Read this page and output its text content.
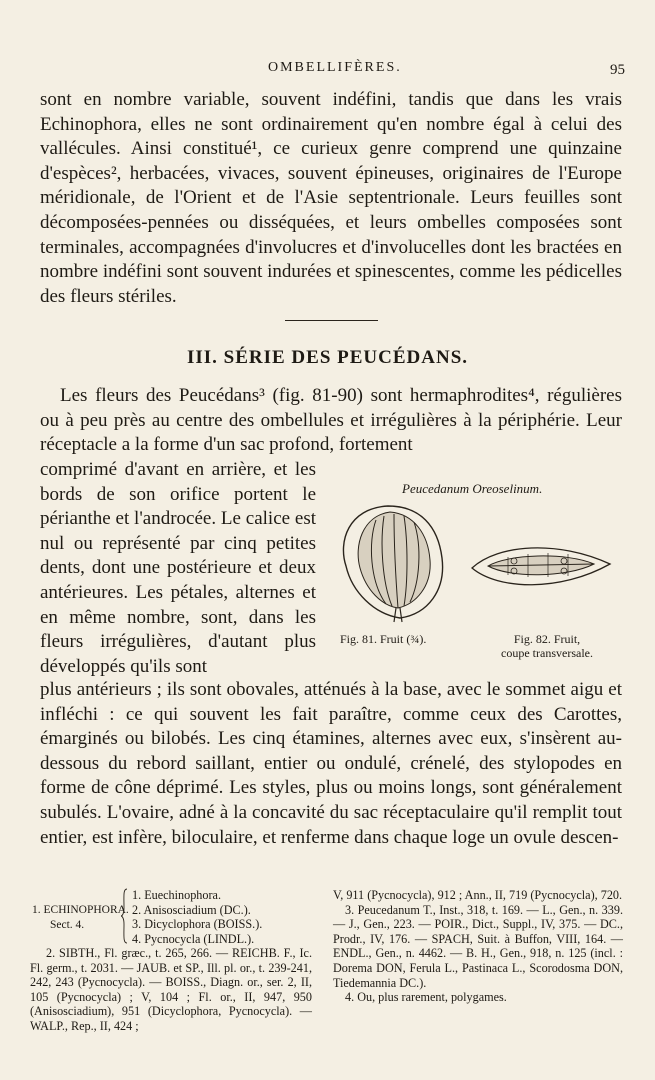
OMBELLIFÈRES.	95

sont en nombre variable, souvent indéfini, tandis que dans les vrais Echinophora, elles ne sont ordinairement qu'en nombre égal à celui des vallécules. Ainsi constitué¹, ce curieux genre comprend une quinzaine d'espèces², herbacées, vivaces, souvent épineuses, originaires de l'Europe méridionale, de l'Orient et de l'Asie septentrionale. Leurs feuilles sont décomposées-pennées ou disséquées, et leurs ombelles composées sont terminales, accompagnées d'involucres et d'involucelles dont les bractées en nombre indéfini sont souvent indurées et spinescentes, comme les pédicelles des fleurs stériles.

III. SÉRIE DES PEUCÉDANS.

Les fleurs des Peucédans³ (fig. 81-90) sont hermaphrodites⁴, régulières ou à peu près au centre des ombellules et irrégulières à la périphérie. Leur réceptacle a la forme d'un sac profond, fortement

comprimé d'avant en arrière, et les bords de son orifice portent le périanthe et l'androcée. Le calice est nul ou représenté par cinq petites dents, dont une postérieure et deux antérieures. Les pétales, alternes et en même nombre, sont, dans les fleurs irrégulières, d'autant plus développés qu'ils sont

Peucedanum Oreoselinum.
Fig. 81. Fruit (¾).	Fig. 82. Fruit,
coupe transversale.

plus antérieurs ; ils sont obovales, atténués à la base, avec le sommet aigu et infléchi : ce qui souvent les fait paraître, comme ceux des Carottes, émarginés ou bilobés. Les cinq étamines, alternes avec eux, s'insèrent au-dessous du rebord saillant, entier ou ondulé, crénelé, des stylopodes en forme de cône déprimé. Les styles, plus ou moins longs, sont généralement subulés. L'ovaire, adné à la concavité du sac réceptaculaire qu'il remplit tout entier, est infère, biloculaire, et renferme dans chaque loge un ovule descen-

1. ECHINOPHORA.
Sect. 4.
1. Euechinophora.
2. Anisosciadium (DC.).
3. Dicyclophora (BOISS.).
4. Pycnocycla (LINDL.).

2. SIBTH., Fl. græc., t. 265, 266. — REICHB. F., Ic. Fl. germ., t. 2031. — JAUB. et SP., Ill. pl. or., t. 239-241, 242, 243 (Pycnocycla). — BOISS., Diagn. or., ser. 2, II, 105 (Pycnocycla) ; V, 104 ; Fl. or., II, 947, 950 (Anisosciadium), 951 (Dicyclophora, Pycnocycla). — WALP., Rep., II, 424 ;

V, 911 (Pycnocycla), 912 ; Ann., II, 719 (Pycnocycla), 720.

3. Peucedanum T., Inst., 318, t. 169. — L., Gen., n. 339. — J., Gen., 223. — POIR., Dict., Suppl., IV, 375. — DC., Prodr., IV, 176. — SPACH, Suit. à Buffon, VIII, 164. — ENDL., Gen., n. 4462. — B. H., Gen., 918, n. 125 (incl. : Dorema DON, Ferula L., Pastinaca L., Scorodosma DON, Tiedemannia DC.).

4. Ou, plus rarement, polygames.
